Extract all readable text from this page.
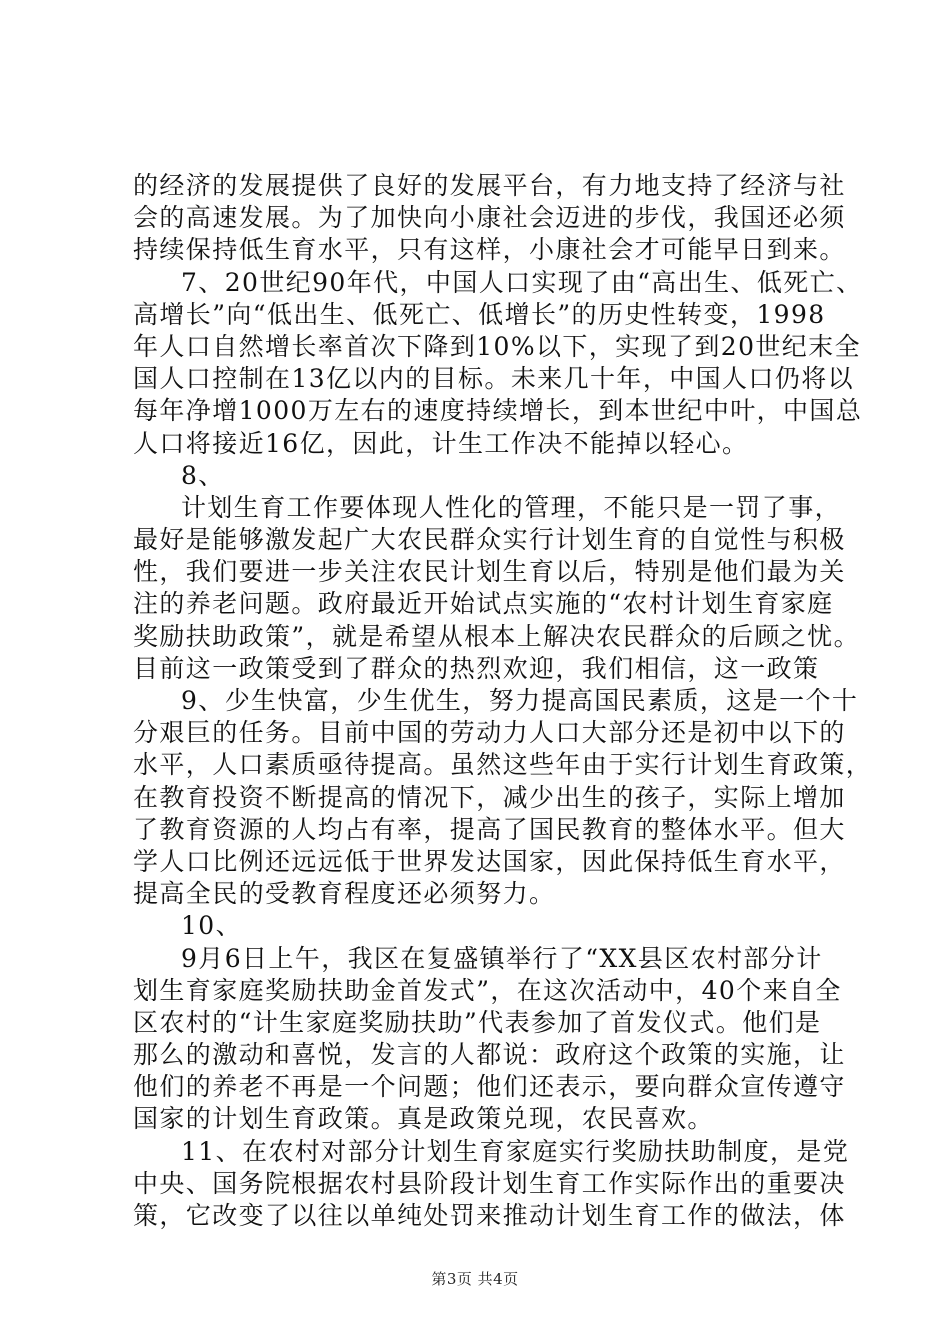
的经济的发展提供了良好的发展平台，有力地支持了经济与社
会的高速发展。为了加快向小康社会迈进的步伐，我国还必须
持续保持低生育水平，只有这样，小康社会才可能早日到来。
7、20世纪90年代，中国人口实现了由“高出生、低死亡、
高增长”向“低出生、低死亡、低增长”的历史性转变，1998
年人口自然增长率首次下降到10%以下，实现了到20世纪末全
国人口控制在13亿以内的目标。未来几十年，中国人口仍将以
每年净增1000万左右的速度持续增长，到本世纪中叶，中国总
人口将接近16亿，因此，计生工作决不能掉以轻心。
8、
计划生育工作要体现人性化的管理，不能只是一罚了事，
最好是能够激发起广大农民群众实行计划生育的自觉性与积极
性，我们要进一步关注农民计划生育以后，特别是他们最为关
注的养老问题。政府最近开始试点实施的“农村计划生育家庭
奖励扶助政策”，就是希望从根本上解决农民群众的后顾之忧。
目前这一政策受到了群众的热烈欢迎，我们相信，这一政策
9、少生快富，少生优生，努力提高国民素质，这是一个十
分艰巨的任务。目前中国的劳动力人口大部分还是初中以下的
水平，人口素质亟待提高。虽然这些年由于实行计划生育政策，
在教育投资不断提高的情况下，减少出生的孩子，实际上增加
了教育资源的人均占有率，提高了国民教育的整体水平。但大
学人口比例还远远低于世界发达国家，因此保持低生育水平，
提高全民的受教育程度还必须努力。
10、
9月6日上午，我区在复盛镇举行了“XX县区农村部分计
划生育家庭奖励扶助金首发式”，在这次活动中，40个来自全
区农村的“计生家庭奖励扶助”代表参加了首发仪式。他们是
那么的激动和喜悦，发言的人都说：政府这个政策的实施，让
他们的养老不再是一个问题；他们还表示，要向群众宣传遵守
国家的计划生育政策。真是政策兑现，农民喜欢。
11、在农村对部分计划生育家庭实行奖励扶助制度，是党
中央、国务院根据农村县阶段计划生育工作实际作出的重要决
策，它改变了以往以单纯处罚来推动计划生育工作的做法，体
第3页 共4页
